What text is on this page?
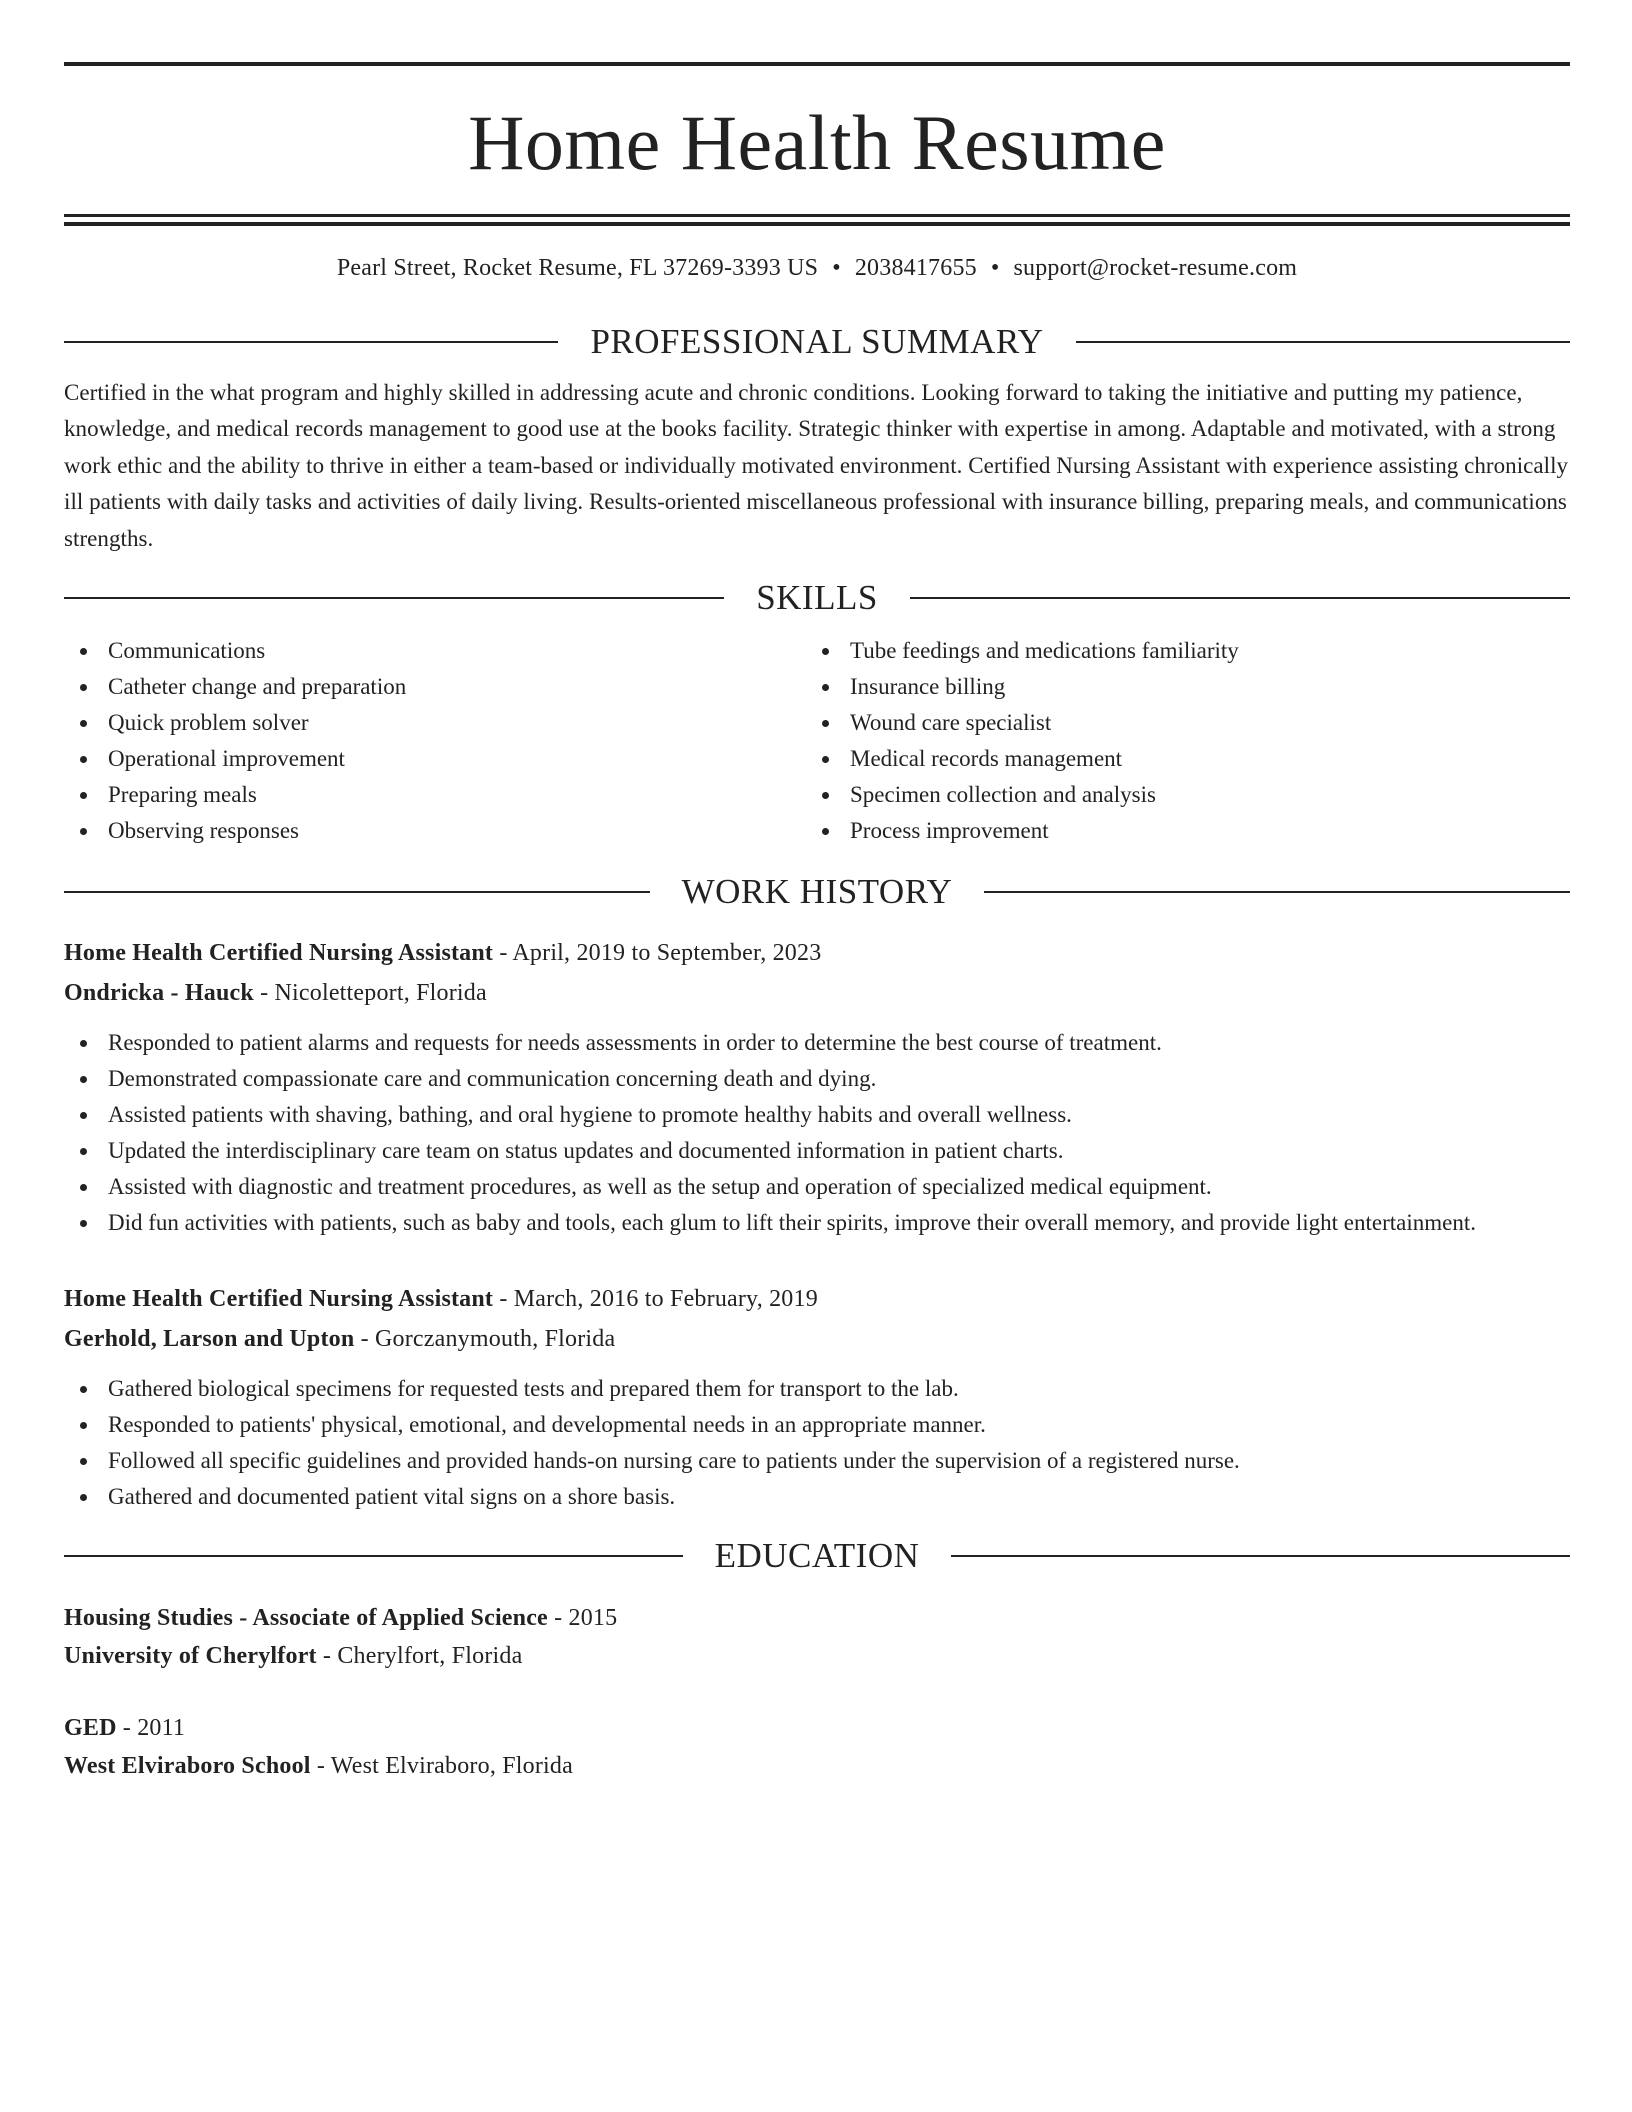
Home Health Resume
Pearl Street, Rocket Resume, FL 37269-3393 US • 2038417655 • support@rocket-resume.com
PROFESSIONAL SUMMARY
Certified in the what program and highly skilled in addressing acute and chronic conditions. Looking forward to taking the initiative and putting my patience, knowledge, and medical records management to good use at the books facility. Strategic thinker with expertise in among. Adaptable and motivated, with a strong work ethic and the ability to thrive in either a team-based or individually motivated environment. Certified Nursing Assistant with experience assisting chronically ill patients with daily tasks and activities of daily living. Results-oriented miscellaneous professional with insurance billing, preparing meals, and communications strengths.
SKILLS
Communications
Catheter change and preparation
Quick problem solver
Operational improvement
Preparing meals
Observing responses
Tube feedings and medications familiarity
Insurance billing
Wound care specialist
Medical records management
Specimen collection and analysis
Process improvement
WORK HISTORY
Home Health Certified Nursing Assistant - April, 2019 to September, 2023
Ondricka - Hauck - Nicoletteport, Florida
Responded to patient alarms and requests for needs assessments in order to determine the best course of treatment.
Demonstrated compassionate care and communication concerning death and dying.
Assisted patients with shaving, bathing, and oral hygiene to promote healthy habits and overall wellness.
Updated the interdisciplinary care team on status updates and documented information in patient charts.
Assisted with diagnostic and treatment procedures, as well as the setup and operation of specialized medical equipment.
Did fun activities with patients, such as baby and tools, each glum to lift their spirits, improve their overall memory, and provide light entertainment.
Home Health Certified Nursing Assistant - March, 2016 to February, 2019
Gerhold, Larson and Upton - Gorczanymouth, Florida
Gathered biological specimens for requested tests and prepared them for transport to the lab.
Responded to patients' physical, emotional, and developmental needs in an appropriate manner.
Followed all specific guidelines and provided hands-on nursing care to patients under the supervision of a registered nurse.
Gathered and documented patient vital signs on a shore basis.
EDUCATION
Housing Studies - Associate of Applied Science - 2015
University of Cherylfort - Cherylfort, Florida
GED - 2011
West Elviraboro School - West Elviraboro, Florida
